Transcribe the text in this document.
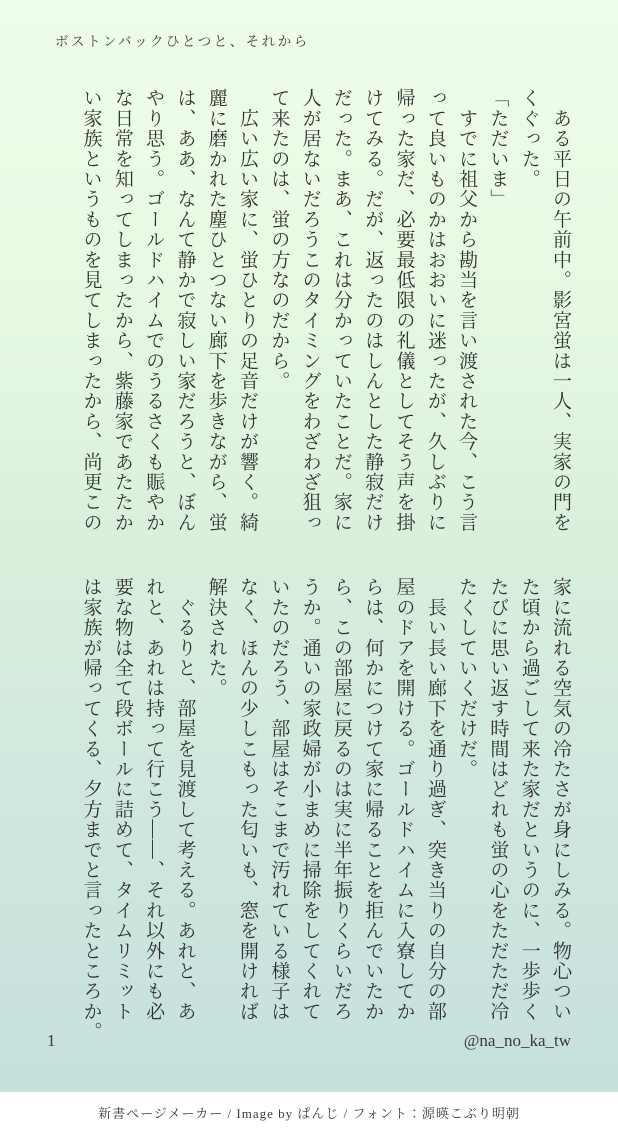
ボストンバックひとつと、それから
　ある平日の午前中。影宮蛍は一人、実家の門を
くぐった。
「ただいま」
　すでに祖父から勘当を言い渡された今、こう言
って良いものかはおおいに迷ったが、久しぶりに
帰った家だ、必要最低限の礼儀としてそう声を掛
けてみる。だが、返ったのはしんとした静寂だけ
だった。まあ、これは分かっていたことだ。家に
人が居ないだろうこのタイミングをわざわざ狙っ
て来たのは、蛍の方なのだから。
　広い広い家に、蛍ひとりの足音だけが響く。綺
麗に磨かれた塵ひとつない廊下を歩きながら、蛍
は、ああ、なんて静かで寂しい家だろうと、ぼん
やり思う。ゴールドハイムでのうるさくも賑やか
な日常を知ってしまったから、紫藤家であたたか
い家族というものを見てしまったから、尚更この
家に流れる空気の冷たさが身にしみる。物心つい
た頃から過ごして来た家だというのに、一歩歩く
たびに思い返す時間はどれも蛍の心をただただ冷
たくしていくだけだ。
　長い長い廊下を通り過ぎ、突き当りの自分の部
屋のドアを開ける。ゴールドハイムに入寮してか
らは、何かにつけて家に帰ることを拒んでいたか
ら、この部屋に戻るのは実に半年振りくらいだろ
うか。通いの家政婦が小まめに掃除をしてくれて
いたのだろう、部屋はそこまで汚れている様子は
なく、ほんの少しこもった匂いも、窓を開ければ
解決された。
　ぐるりと、部屋を見渡して考える。あれと、あ
れと、あれは持って行こう――、それ以外にも必
要な物は全て段ボールに詰めて、タイムリミット
は家族が帰ってくる、夕方までと言ったところか。
1	@na_no_ka_tw
新書ページメーカー / Image by ぱんじ / フォント：源暎こぶり明朝
